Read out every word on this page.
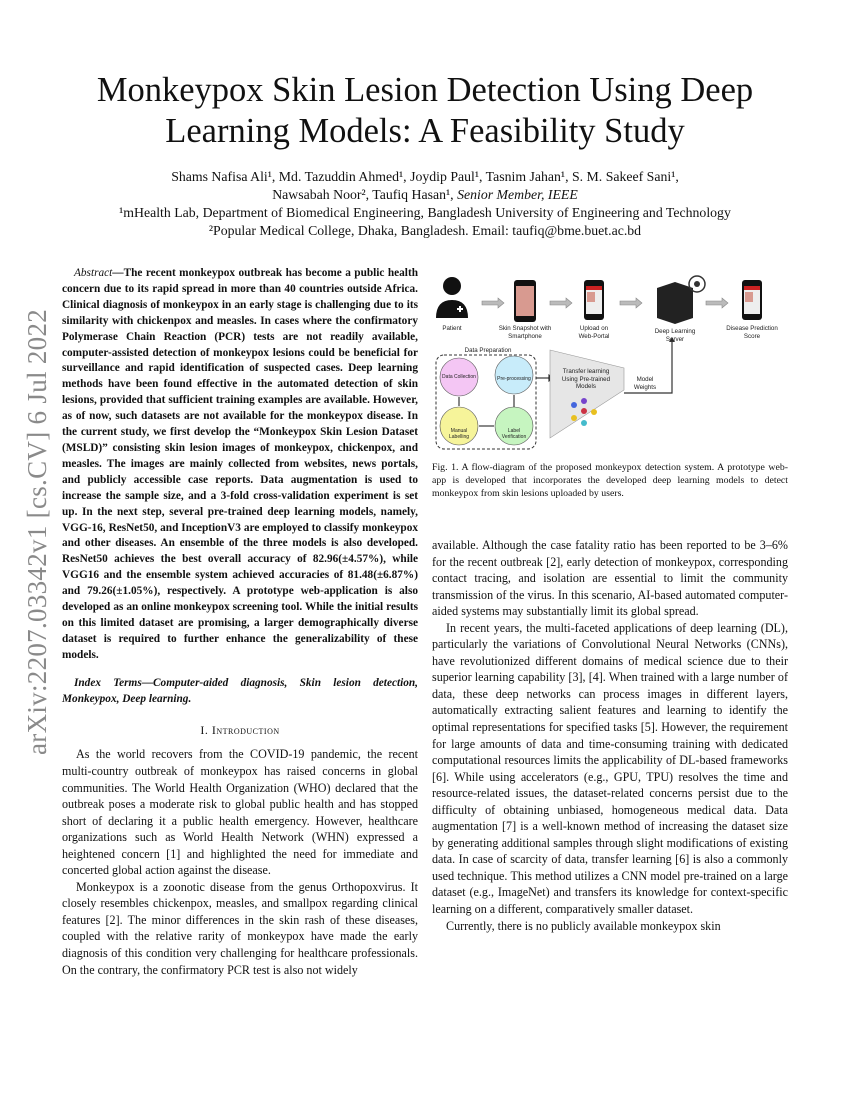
arXiv:2207.03342v1 [cs.CV] 6 Jul 2022
Monkeypox Skin Lesion Detection Using Deep Learning Models: A Feasibility Study
Shams Nafisa Ali¹, Md. Tazuddin Ahmed¹, Joydip Paul¹, Tasnim Jahan¹, S. M. Sakeef Sani¹,
Nawsabah Noor², Taufiq Hasan¹, Senior Member, IEEE
¹mHealth Lab, Department of Biomedical Engineering, Bangladesh University of Engineering and Technology
²Popular Medical College, Dhaka, Bangladesh. Email: taufiq@bme.buet.ac.bd

Abstract—The recent monkeypox outbreak has become a public health concern due to its rapid spread in more than 40 countries outside Africa. Clinical diagnosis of monkeypox in an early stage is challenging due to its similarity with chickenpox and measles. In cases where the confirmatory Polymerase Chain Reaction (PCR) tests are not readily available, computer-assisted detection of monkeypox lesions could be beneficial for surveillance and rapid identification of suspected cases. Deep learning methods have been found effective in the automated detection of skin lesions, provided that sufficient training examples are available. However, as of now, such datasets are not available for the monkeypox disease. In the current study, we first develop the “Monkeypox Skin Lesion Dataset (MSLD)” consisting skin lesion images of monkeypox, chickenpox, and measles. The images are mainly collected from websites, news portals, and publicly accessible case reports. Data augmentation is used to increase the sample size, and a 3-fold cross-validation experiment is set up. In the next step, several pre-trained deep learning models, namely, VGG-16, ResNet50, and InceptionV3 are employed to classify monkeypox and other diseases. An ensemble of the three models is also developed. ResNet50 achieves the best overall accuracy of 82.96(±4.57%), while VGG16 and the ensemble system achieved accuracies of 81.48(±6.87%) and 79.26(±1.05%), respectively. A prototype web-application is also developed as an online monkeypox screening tool. While the initial results on this limited dataset are promising, a larger demographically diverse dataset is required to further enhance the generalizability of these models.

Index Terms—Computer-aided diagnosis, Skin lesion detection, Monkeypox, Deep learning.

I. Introduction

As the world recovers from the COVID-19 pandemic, the recent multi-country outbreak of monkeypox has raised concerns in global communities. The World Health Organization (WHO) declared that the outbreak poses a moderate risk to global public health and has stopped short of declaring it a public health emergency. However, healthcare organizations such as World Health Network (WHN) expressed a heightened concern [1] and highlighted the need for immediate and concerted global action against the disease.

Monkeypox is a zoonotic disease from the genus Orthopoxvirus. It closely resembles chickenpox, measles, and smallpox regarding clinical features [2]. The minor differences in the skin rash of these diseases, coupled with the relative rarity of monkeypox have made the early diagnosis of this condition very challenging for healthcare professionals. On the contrary, the confirmatory PCR test is also not widely

Patient	Skin Snapshot with Smartphone
Upload on Web-Portal
Deep Learning Server
Disease Prediction Score
Data Preparation
Data Collection	Pre-processing
Manual Labelling
Label Verification
Transfer learning Using Pre-trained Models
Model Weights
Fig. 1. A flow-diagram of the proposed monkeypox detection system. A prototype web-app is developed that incorporates the developed deep learning models to detect monkeypox from skin lesions uploaded by users.

available. Although the case fatality ratio has been reported to be 3–6% for the recent outbreak [2], early detection of monkeypox, corresponding contact tracing, and isolation are essential to limit the community transmission of the virus. In this scenario, AI-based automated computer-aided systems may substantially limit its global spread.

In recent years, the multi-faceted applications of deep learning (DL), particularly the variations of Convolutional Neural Networks (CNNs), have revolutionized different domains of medical science due to their superior learning capability [3], [4]. When trained with a large number of data, these deep networks can process images in different layers, automatically extracting salient features and learning to identify the optimal representations for specified tasks [5]. However, the requirement for large amounts of data and time-consuming training with dedicated computational resources limits the applicability of DL-based frameworks [6]. While using accelerators (e.g., GPU, TPU) resolves the time and resource-related issues, the dataset-related concerns persist due to the difficulty of obtaining unbiased, homogeneous medical data. Data augmentation [7] is a well-known method of increasing the dataset size by generating additional samples through slight modifications of existing data. In case of scarcity of data, transfer learning [6] is also a commonly used technique. This method utilizes a CNN model pre-trained on a large dataset (e.g., ImageNet) and transfers its knowledge for context-specific learning on a different, comparatively smaller dataset.

Currently, there is no publicly available monkeypox skin
